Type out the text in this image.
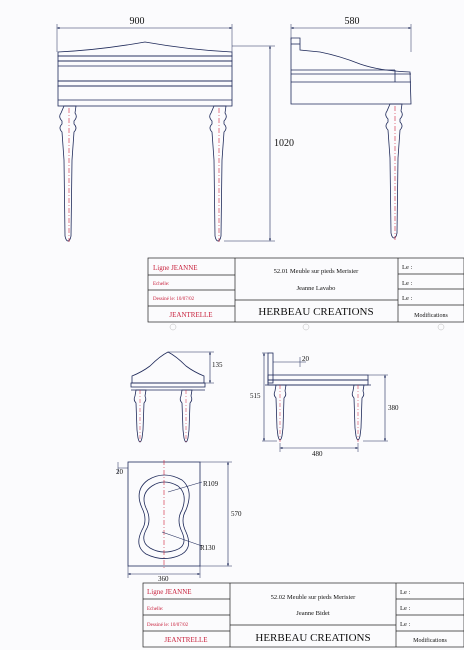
900	580
1020
135
20
515
380
480
20
570
360
R109
R130
Ligne JEANNE
Echelle:
Dessiné le: 10/07/02
JEANTRELLE
52.01 Meuble sur pieds Merisier
Jeanne Lavabo
HERBEAU CREATIONS
Le :
Le :
Le :
Modifications
Ligne JEANNE
Echelle:
Dessiné le: 10/07/02
JEANTRELLE
52.02 Meuble sur pieds Merisier
Jeanne Bidet
HERBEAU CREATIONS
Le :
Le :
Le :
Modifications
